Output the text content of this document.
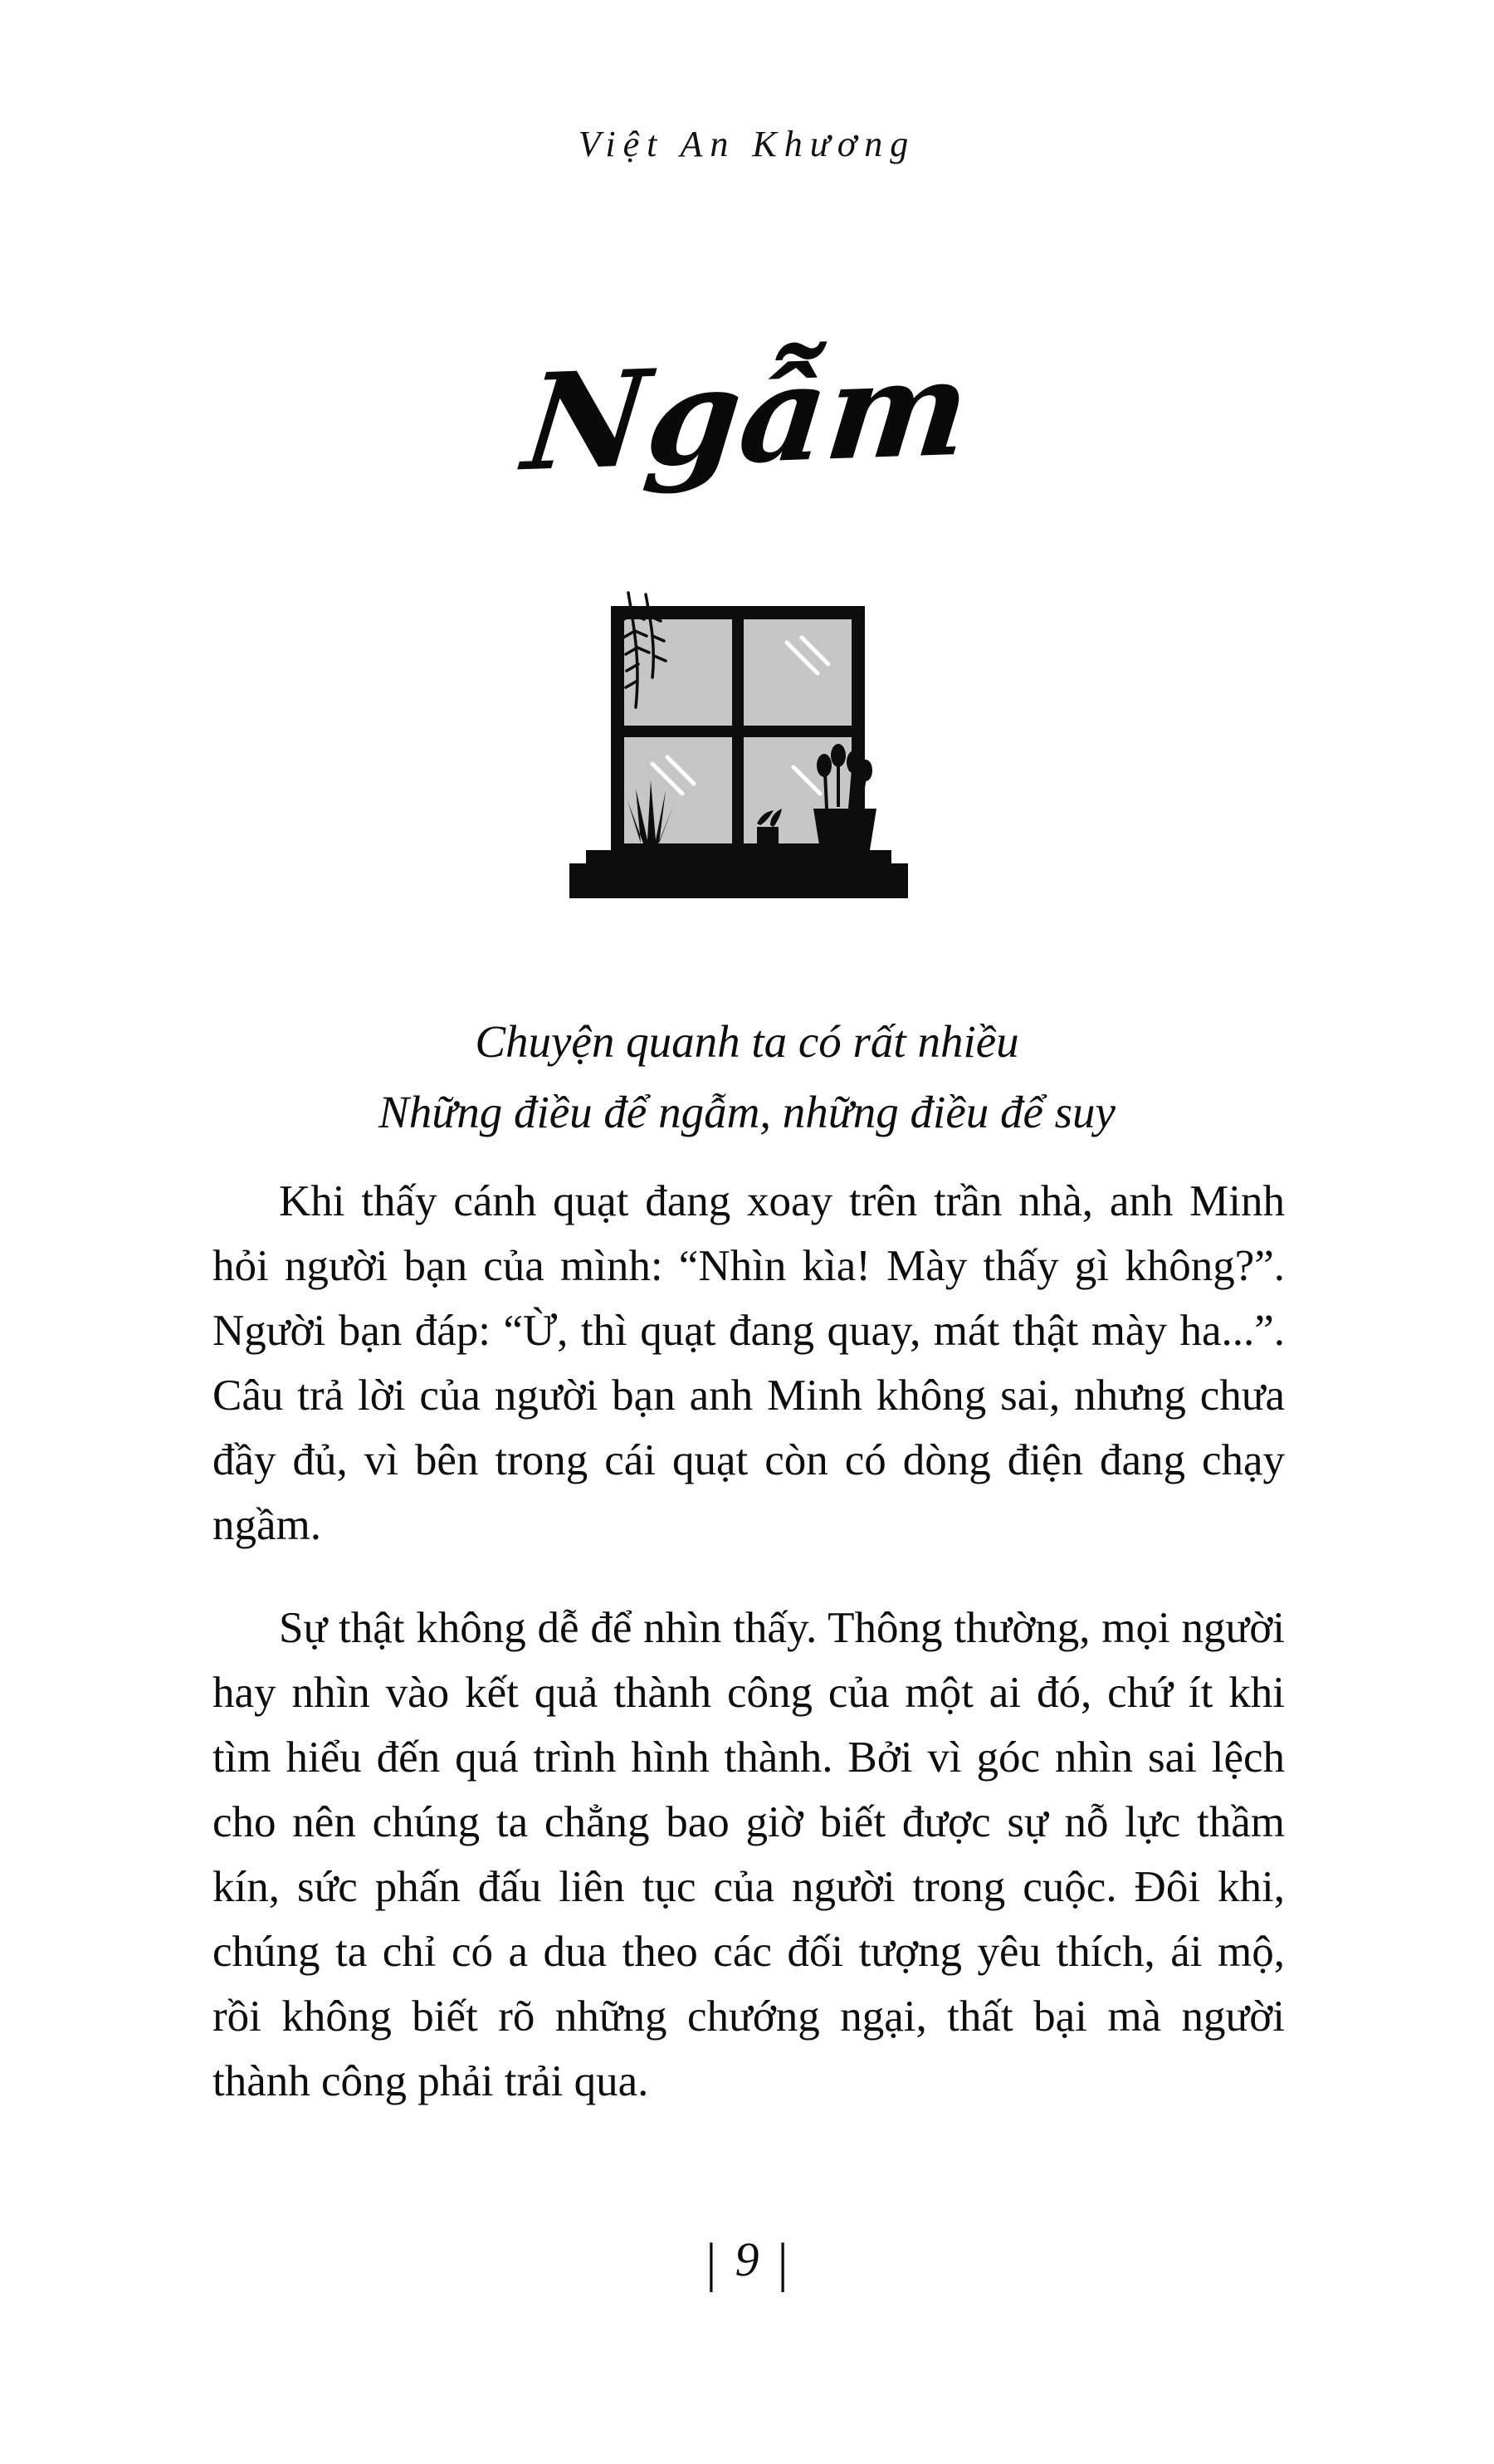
Việt An Khương
Ngẫm
Chuyện quanh ta có rất nhiều
Những điều để ngẫm, những điều để suy

Khi thấy cánh quạt đang xoay trên trần nhà, anh Minh hỏi người bạn của mình: “Nhìn kìa! Mày thấy gì không?”. Người bạn đáp: “Ừ, thì quạt đang quay, mát thật mày ha...”. Câu trả lời của người bạn anh Minh không sai, nhưng chưa đầy đủ, vì bên trong cái quạt còn có dòng điện đang chạy ngầm.

Sự thật không dễ để nhìn thấy. Thông thường, mọi người hay nhìn vào kết quả thành công của một ai đó, chứ ít khi tìm hiểu đến quá trình hình thành. Bởi vì góc nhìn sai lệch cho nên chúng ta chẳng bao giờ biết được sự nỗ lực thầm kín, sức phấn đấu liên tục của người trong cuộc. Đôi khi, chúng ta chỉ có a dua theo các đối tượng yêu thích, ái mộ, rồi không biết rõ những chướng ngại, thất bại mà người thành công phải trải qua.

| 9 |
